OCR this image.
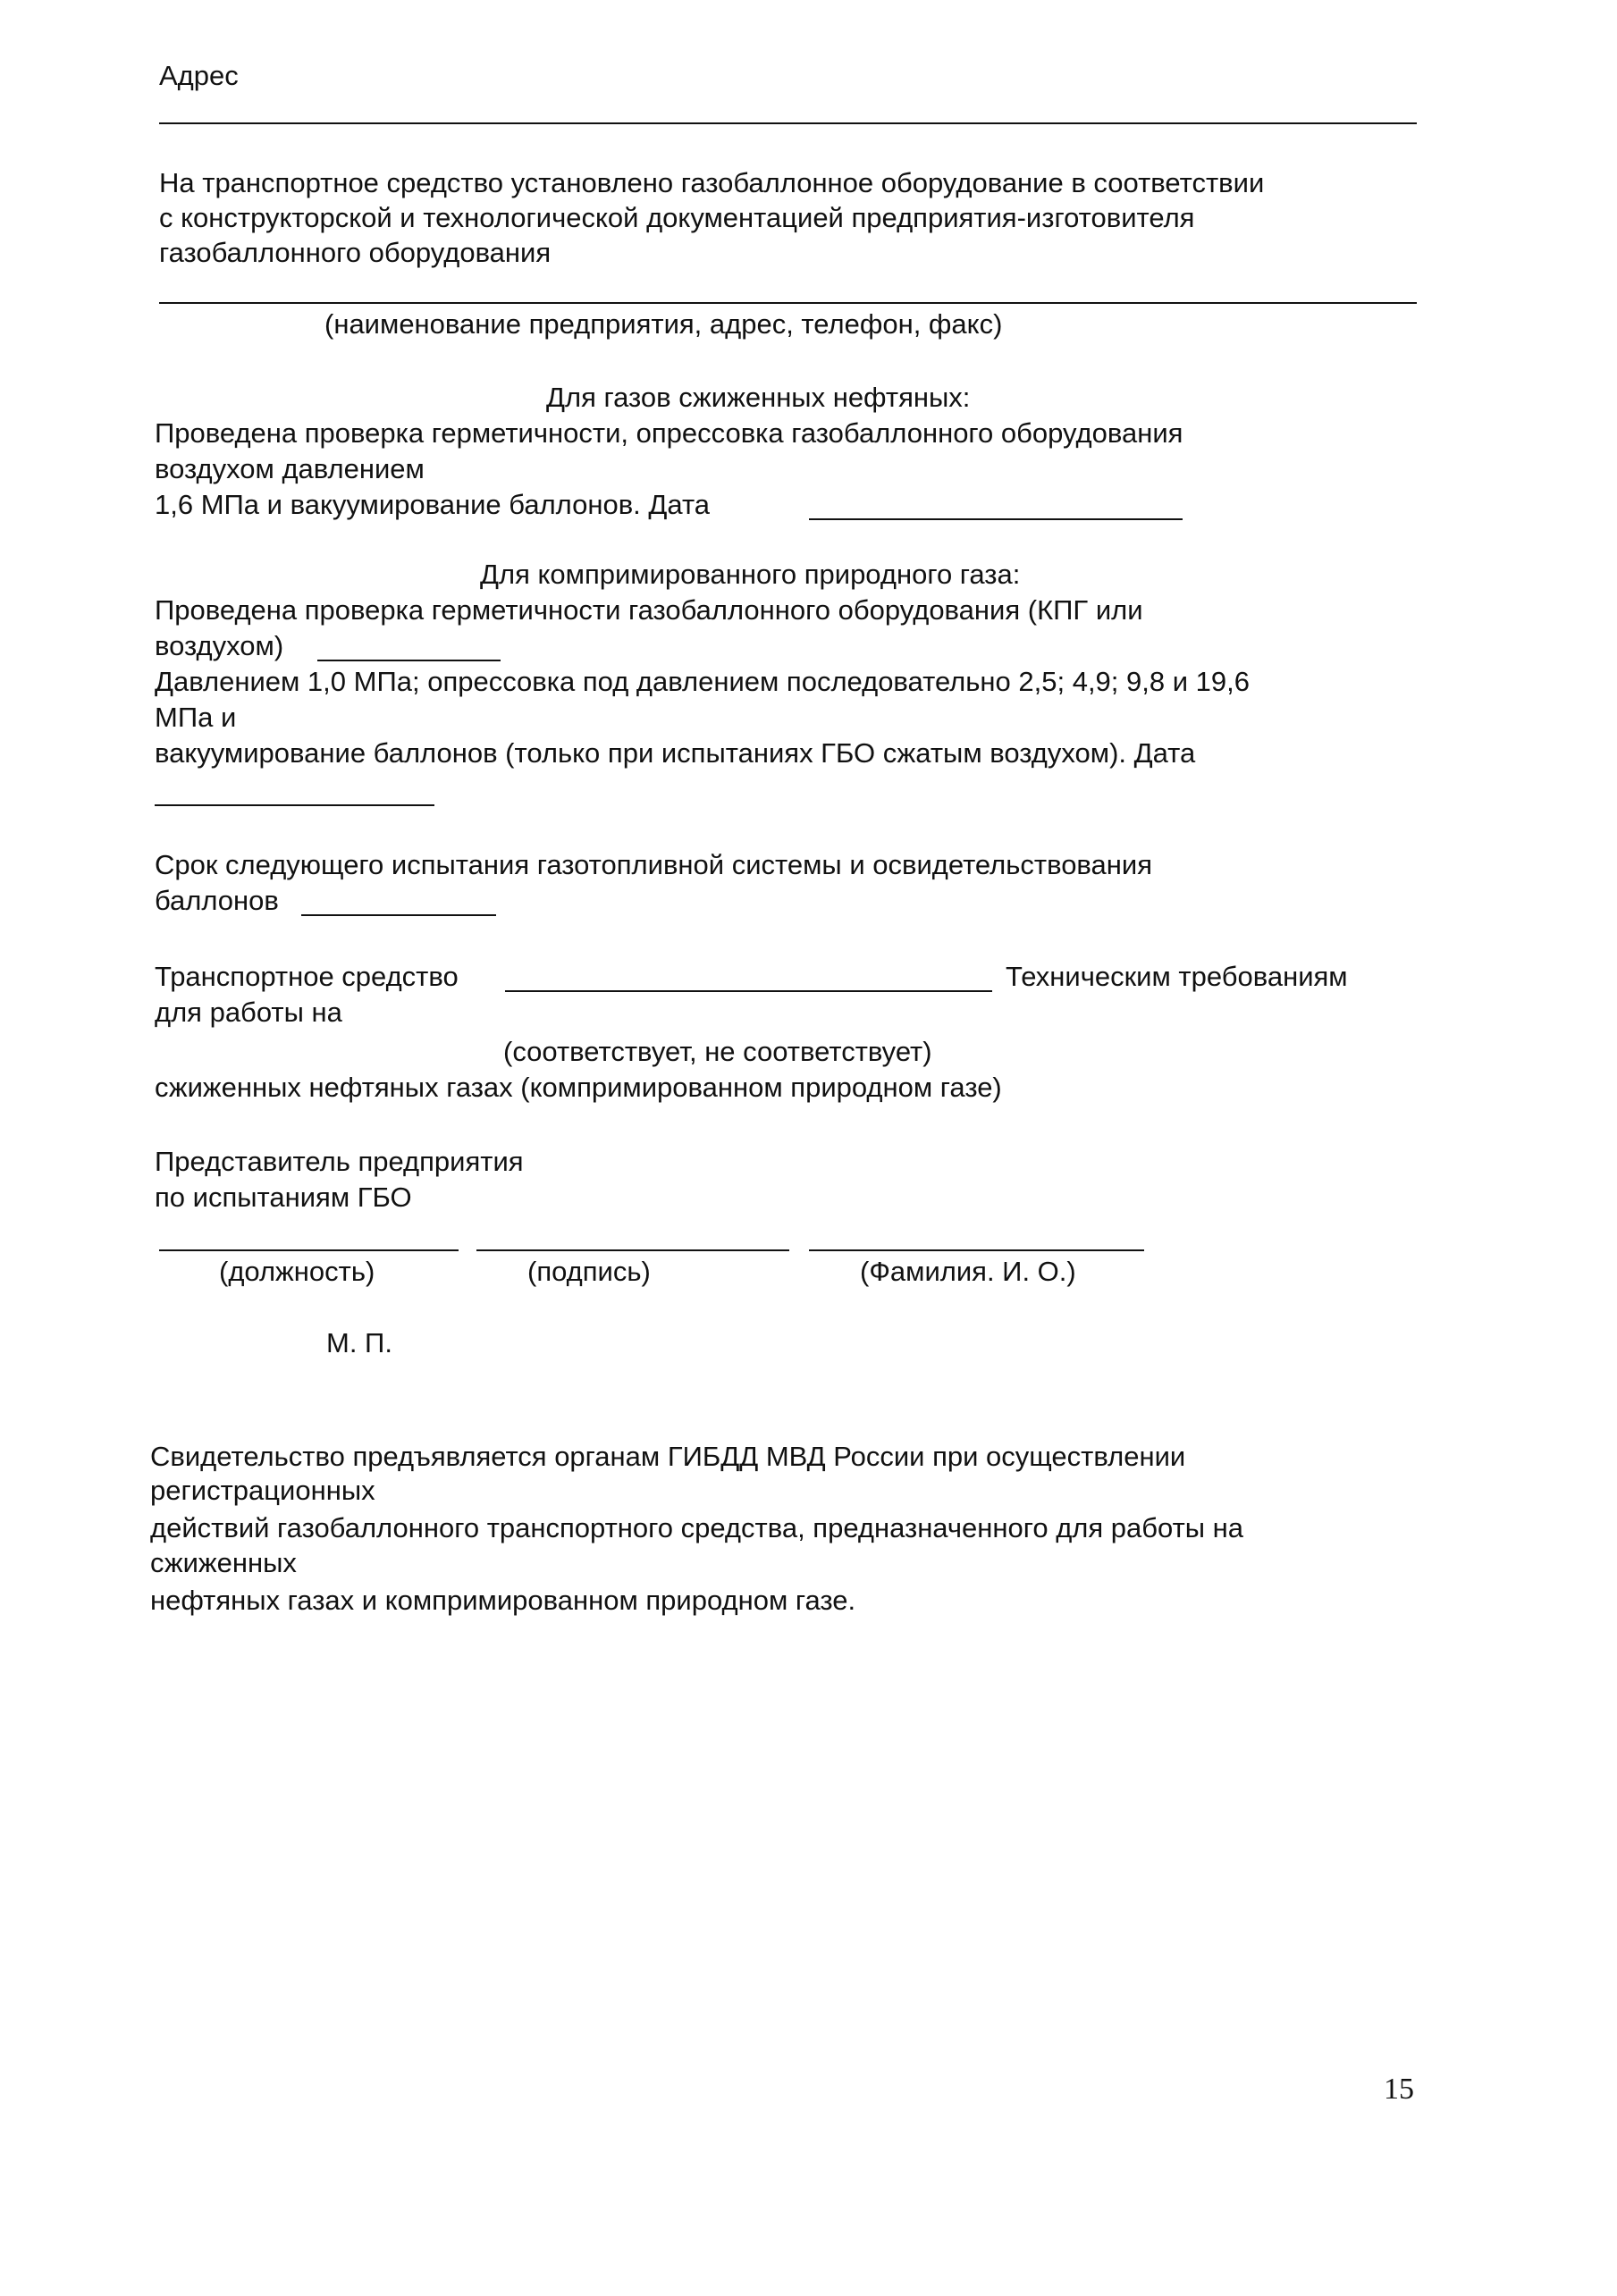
Адрес
На транспортное средство установлено газобаллонное оборудование в соответствии
с конструкторской и технологической документацией предприятия-изготовителя
газобаллонного оборудования
(наименование предприятия, адрес, телефон, факс)
Для газов сжиженных нефтяных:
Проведена проверка герметичности, опрессовка газобаллонного оборудования
воздухом давлением
1,6 МПа и вакуумирование баллонов. Дата
Для компримированного природного газа:
Проведена проверка герметичности газобаллонного оборудования (КПГ или
воздухом)
Давлением 1,0 МПа; опрессовка под давлением последовательно 2,5; 4,9; 9,8 и 19,6
МПа и
вакуумирование баллонов (только при испытаниях ГБО сжатым воздухом). Дата
Срок следующего испытания газотопливной системы и освидетельствования
баллонов
Транспортное средство	Техническим требованиям
для работы на
(соответствует, не соответствует)
сжиженных нефтяных газах (компримированном природном газе)
Представитель предприятия
по испытаниям ГБО
(должность)	(подпись)	(Фамилия. И. О.)
М. П.
Свидетельство предъявляется органам ГИБДД МВД России при осуществлении
регистрационных
действий газобаллонного транспортного средства, предназначенного для работы на
сжиженных
нефтяных газах и компримированном природном газе.
15
